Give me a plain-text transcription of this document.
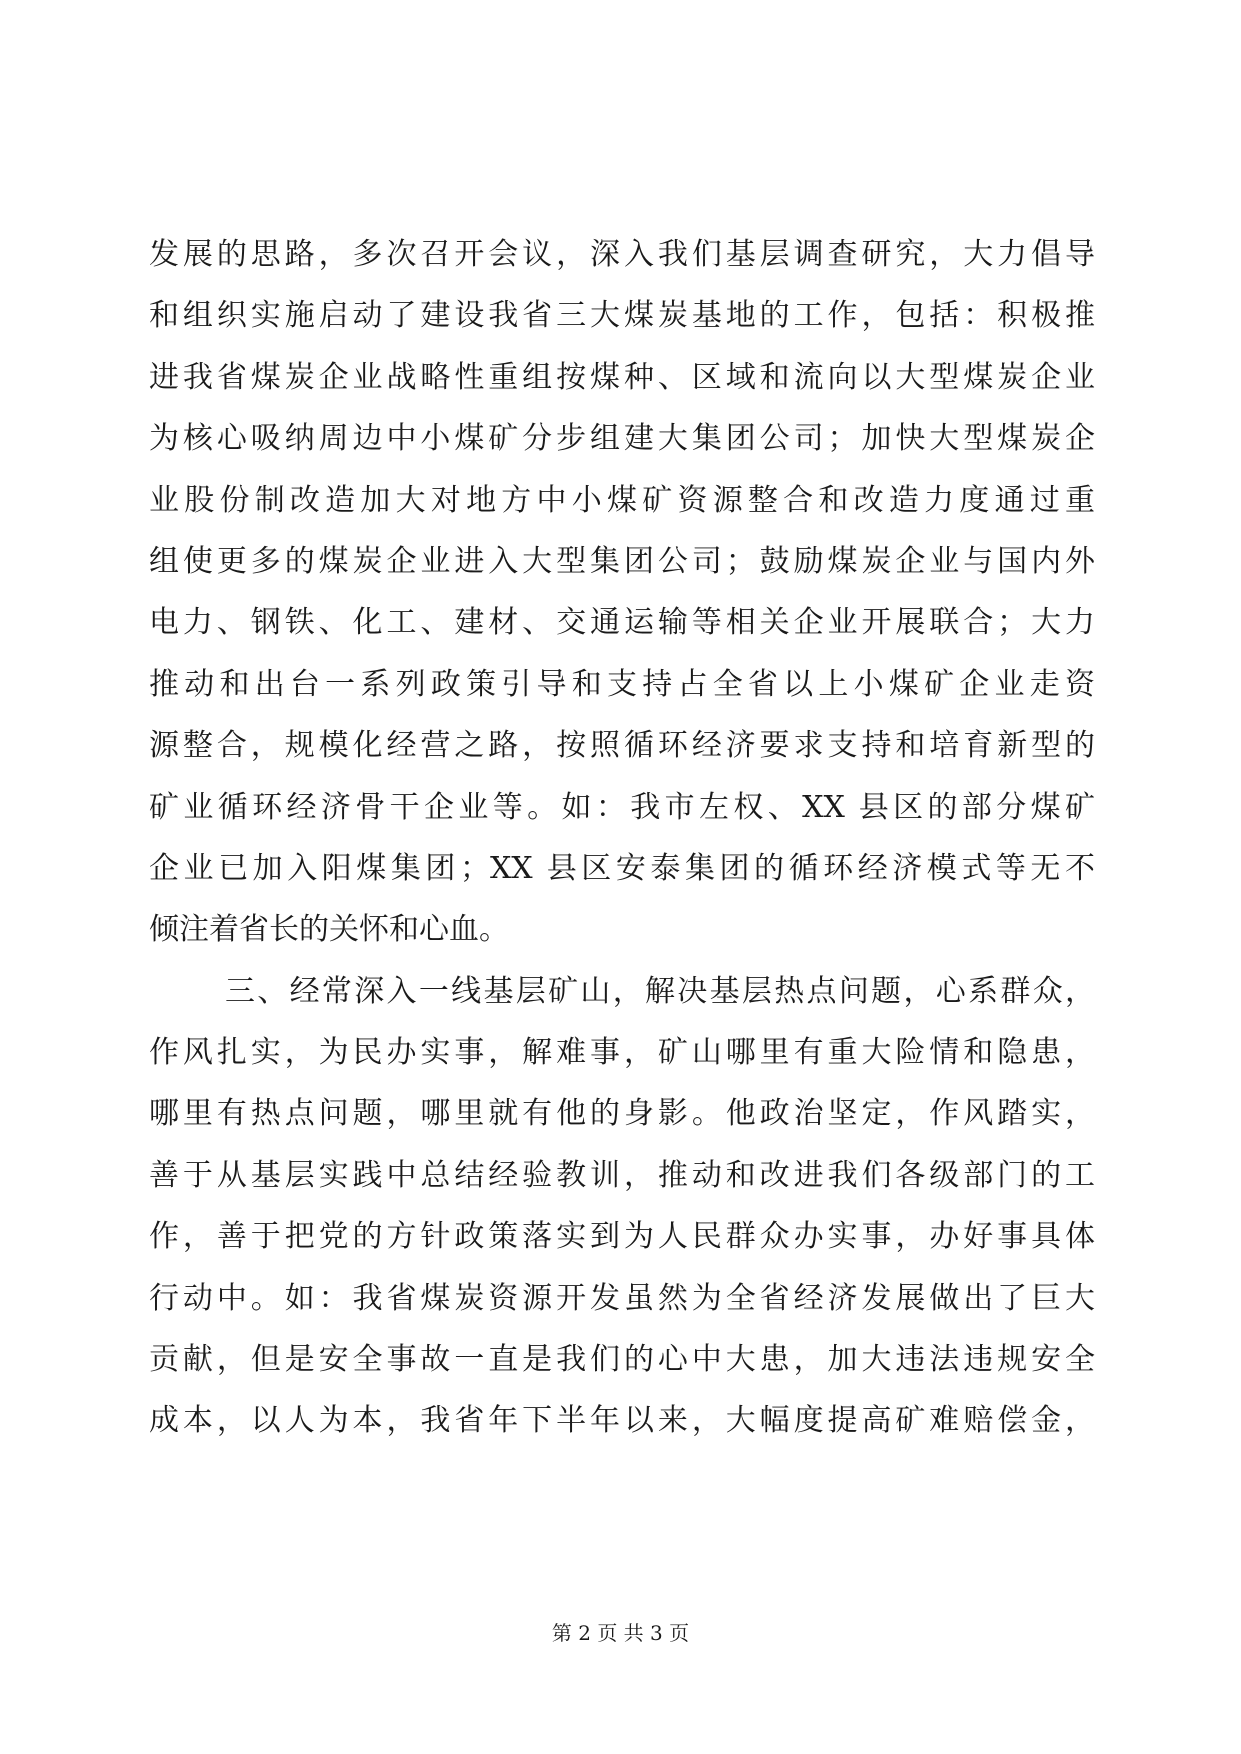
发展的思路，多次召开会议，深入我们基层调查研究，大力倡导
和组织实施启动了建设我省三大煤炭基地的工作，包括：积极推
进我省煤炭企业战略性重组按煤种、区域和流向以大型煤炭企业
为核心吸纳周边中小煤矿分步组建大集团公司；加快大型煤炭企
业股份制改造加大对地方中小煤矿资源整合和改造力度通过重
组使更多的煤炭企业进入大型集团公司；鼓励煤炭企业与国内外
电力、钢铁、化工、建材、交通运输等相关企业开展联合；大力
推动和出台一系列政策引导和支持占全省以上小煤矿企业走资
源整合，规模化经营之路，按照循环经济要求支持和培育新型的
矿业循环经济骨干企业等。如：我市左权、XX 县区的部分煤矿
企业已加入阳煤集团；XX 县区安泰集团的循环经济模式等无不
倾注着省长的关怀和心血。
三、经常深入一线基层矿山，解决基层热点问题，心系群众，
作风扎实，为民办实事，解难事，矿山哪里有重大险情和隐患，
哪里有热点问题，哪里就有他的身影。他政治坚定，作风踏实，
善于从基层实践中总结经验教训，推动和改进我们各级部门的工
作，善于把党的方针政策落实到为人民群众办实事，办好事具体
行动中。如：我省煤炭资源开发虽然为全省经济发展做出了巨大
贡献，但是安全事故一直是我们的心中大患，加大违法违规安全
成本，以人为本，我省年下半年以来，大幅度提高矿难赔偿金，
第 2 页 共 3 页
